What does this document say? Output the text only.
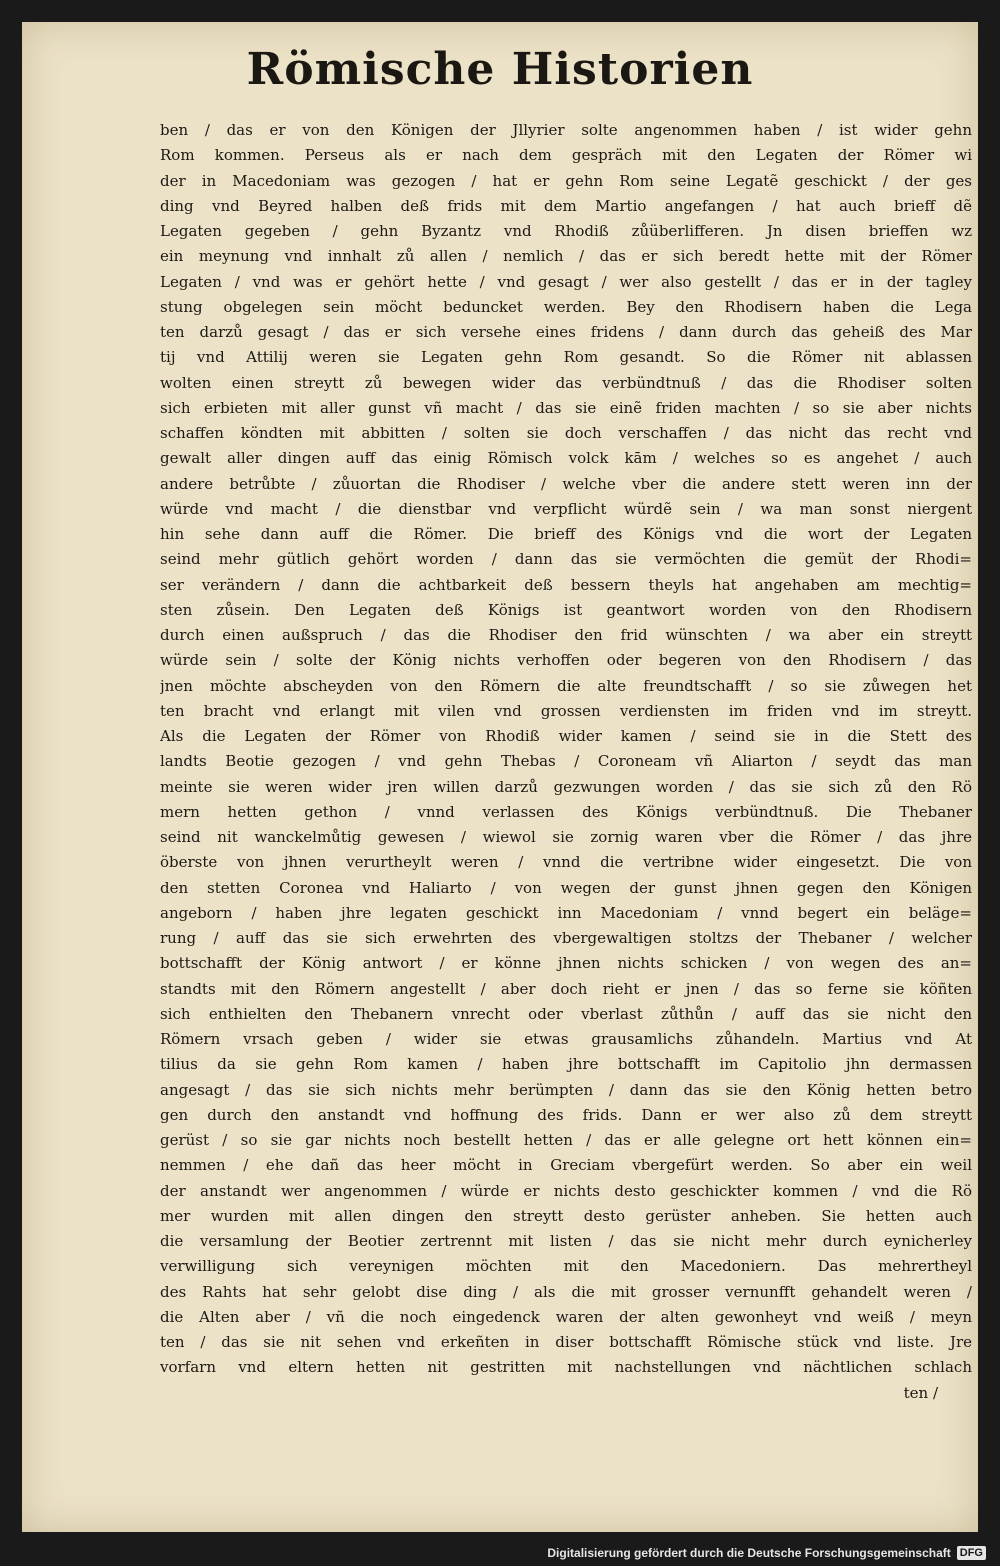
Römische Historien
ben / das er von den Königen der Jllyrier solte angenommen haben / ist wider gehn
Rom kommen. Perseus als er nach dem gespräch mit den Legaten der Römer wi
der in Macedoniam was gezogen / hat er gehn Rom seine Legatẽ geschickt / der ges
ding vnd Beyred halben deß frids mit dem Martio angefangen / hat auch brieff dẽ
Legaten gegeben / gehn Byzantz vnd Rhodiß zůüberlifferen. Jn disen brieffen wz
ein meynung vnd innhalt zů allen / nemlich / das er sich beredt hette mit der Römer
Legaten / vnd was er gehört hette / vnd gesagt / wer also gestellt / das er in der tagley
stung obgelegen sein möcht beduncket werden. Bey den Rhodisern haben die Lega
ten darzů gesagt / das er sich versehe eines fridens / dann durch das geheiß des Mar
tij vnd Attilij weren sie Legaten gehn Rom gesandt. So die Römer nit ablassen
wolten einen streytt zů bewegen wider das verbündtnuß / das die Rhodiser solten
sich erbieten mit aller gunst vñ macht / das sie einẽ friden machten / so sie aber nichts
schaffen köndten mit abbitten / solten sie doch verschaffen / das nicht das recht vnd
gewalt aller dingen auff das einig Römisch volck kām / welches so es angehet / auch
andere betrůbte / zůuortan die Rhodiser / welche vber die andere stett weren inn der
würde vnd macht / die dienstbar vnd verpflicht würdẽ sein / wa man sonst niergent
hin sehe dann auff die Römer. Die brieff des Königs vnd die wort der Legaten
seind mehr gütlich gehört worden / dann das sie vermöchten die gemüt der Rhodi=
ser verändern / dann die achtbarkeit deß bessern theyls hat angehaben am mechtig=
sten zůsein. Den Legaten deß Königs ist geantwort worden von den Rhodisern
durch einen außspruch / das die Rhodiser den frid wünschten / wa aber ein streytt
würde sein / solte der König nichts verhoffen oder begeren von den Rhodisern / das
jnen möchte abscheyden von den Römern die alte freundtschafft / so sie zůwegen het
ten bracht vnd erlangt mit vilen vnd grossen verdiensten im friden vnd im streytt.
Als die Legaten der Römer von Rhodiß wider kamen / seind sie in die Stett des
landts Beotie gezogen / vnd gehn Thebas / Coroneam vñ Aliarton / seydt das man
meinte sie weren wider jren willen darzů gezwungen worden / das sie sich zů den Rö
mern hetten gethon / vnnd verlassen des Königs verbündtnuß. Die Thebaner
seind nit wanckelmůtig gewesen / wiewol sie zornig waren vber die Römer / das jhre
öberste von jhnen verurtheylt weren / vnnd die vertribne wider eingesetzt. Die von
den stetten Coronea vnd Haliarto / von wegen der gunst jhnen gegen den Königen
angeborn / haben jhre legaten geschickt inn Macedoniam / vnnd begert ein beläge=
rung / auff das sie sich erwehrten des vbergewaltigen stoltzs der Thebaner / welcher
bottschafft der König antwort / er könne jhnen nichts schicken / von wegen des an=
standts mit den Römern angestellt / aber doch rieht er jnen / das so ferne sie köñten
sich enthielten den Thebanern vnrecht oder vberlast zůthůn / auff das sie nicht den
Römern vrsach geben / wider sie etwas grausamlichs zůhandeln. Martius vnd At
tilius da sie gehn Rom kamen / haben jhre bottschafft im Capitolio jhn dermassen
angesagt / das sie sich nichts mehr berümpten / dann das sie den König hetten betro
gen durch den anstandt vnd hoffnung des frids. Dann er wer also zů dem streytt
gerüst / so sie gar nichts noch bestellt hetten / das er alle gelegne ort hett können ein=
nemmen / ehe dañ das heer möcht in Greciam vbergefürt werden. So aber ein weil
der anstandt wer angenommen / würde er nichts desto geschickter kommen / vnd die Rö
mer wurden mit allen dingen den streytt desto gerüster anheben. Sie hetten auch
die versamlung der Beotier zertrennt mit listen / das sie nicht mehr durch eynicherley
verwilligung sich vereynigen möchten mit den Macedoniern. Das mehrertheyl
des Rahts hat sehr gelobt dise ding / als die mit grosser vernunfft gehandelt weren /
die Alten aber / vñ die noch eingedenck waren der alten gewonheyt vnd weiß / meyn
ten / das sie nit sehen vnd erkeñten in diser bottschafft Römische stück vnd liste. Jre
vorfarn vnd eltern hetten nit gestritten mit nachstellungen vnd nächtlichen schlach
ten /
Digitalisierung gefördert durch die Deutsche Forschungsgemeinschaft DFG
